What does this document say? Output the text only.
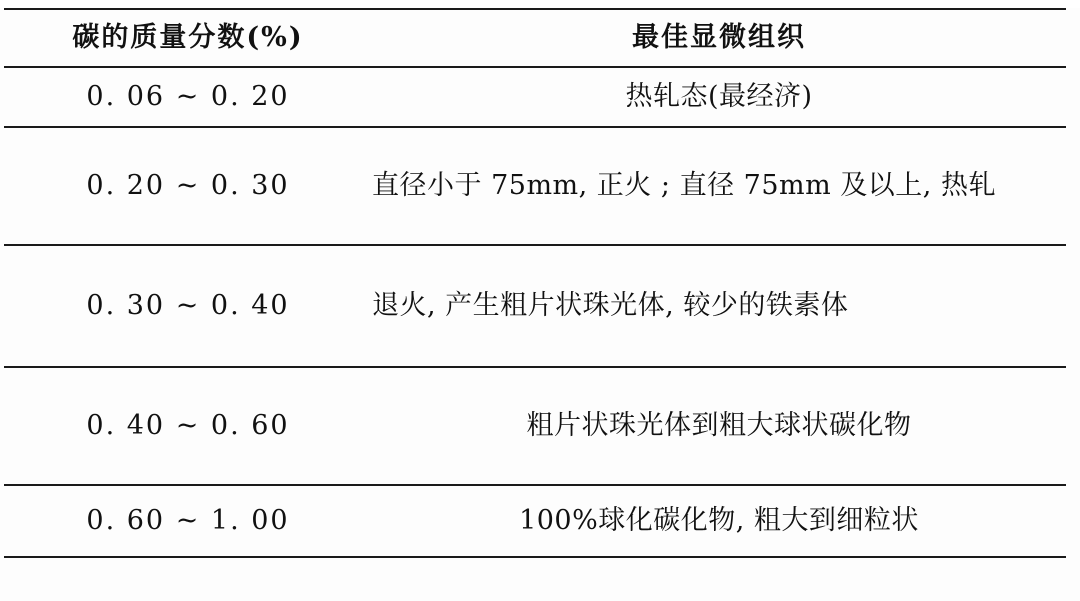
碳的质量分数(%)	最佳显微组织
0. 06 ~ 0. 20	热轧态(最经济)
0. 20 ~ 0. 30	直径小于 75mm, 正火 ; 直径 75mm 及以上, 热轧
0. 30 ~ 0. 40	退火, 产生粗片状珠光体, 较少的铁素体
0. 40 ~ 0. 60	粗片状珠光体到粗大球状碳化物
0. 60 ~ 1. 00	100%球化碳化物, 粗大到细粒状
